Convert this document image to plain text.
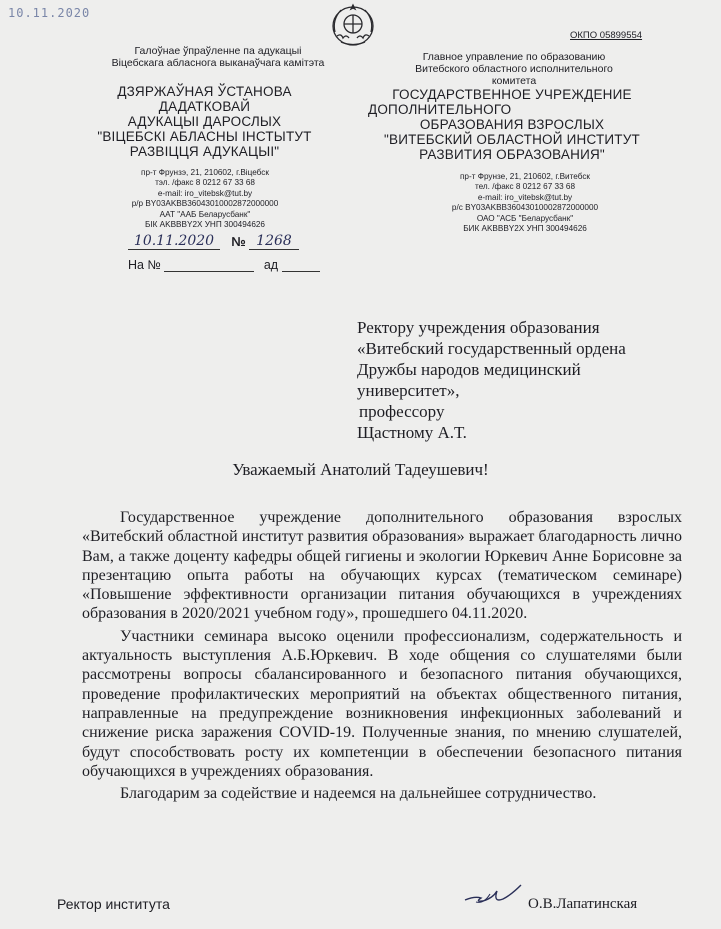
10.11.2020
ОКПО 05899554
Галоўнае ўпраўленне па адукацыі
Віцебскага абласнога выканаўчага камітэта
ДЗЯРЖАЎНАЯ ЎСТАНОВА
ДАДАТКОВАЙ
АДУКАЦЫІ ДАРОСЛЫХ
"ВІЦЕБСКІ АБЛАСНЫ ІНСТЫТУТ
РАЗВІЦЦЯ АДУКАЦЫІ"
пр-т Фрунзэ, 21, 210602, г.Віцебск
тэл. /факс 8 0212 67 33 68
e-mail: iro_vitebsk@tut.by
р/р BY03AKBB36043010002872000000
ААТ "ААБ Беларусбанк"
БІК AKBBBY2X УНП 300494626
Главное управление по образованию
Витебского областного исполнительного
комитета
ГОСУДАРСТВЕННОЕ УЧРЕЖДЕНИЕ
ДОПОЛНИТЕЛЬНОГО
ОБРАЗОВАНИЯ ВЗРОСЛЫХ
"ВИТЕБСКИЙ ОБЛАСТНОЙ ИНСТИТУТ
РАЗВИТИЯ ОБРАЗОВАНИЯ"
пр-т Фрунзе, 21, 210602, г.Витебск
тел. /факс 8 0212 67 33 68
e-mail: iro_vitebsk@tut.by
р/с BY03AKBB36043010002872000000
ОАО "АСБ "Беларусбанк"
БИК AKBBBY2X УНП 300494626
10.11.2020 № 1268
На №	ад
Ректору учреждения образования
«Витебский государственный ордена
Дружбы народов медицинский
университет»,
профессору
Щастному А.Т.
Уважаемый Анатолий Тадеушевич!

Государственное учреждение дополнительного образования взрослых «Витебский областной институт развития образования» выражает благодарность лично Вам, а также доценту кафедры общей гигиены и экологии Юркевич Анне Борисовне за презентацию опыта работы на обучающих курсах (тематическом семинаре) «Повышение эффективности организации питания обучающихся в учреждениях образования в 2020/2021 учебном году», прошедшего 04.11.2020.

Участники семинара высоко оценили профессионализм, содержательность и актуальность выступления А.Б.Юркевич. В ходе общения со слушателями были рассмотрены вопросы сбалансированного и безопасного питания обучающихся, проведение профилактических мероприятий на объектах общественного питания, направленные на предупреждение возникновения инфекционных заболеваний и снижение риска заражения COVID-19. Полученные знания, по мнению слушателей, будут способствовать росту их компетенции в обеспечении безопасного питания обучающихся в учреждениях образования.

Благодарим за содействие и надеемся на дальнейшее сотрудничество.

Ректор института	О.В.Лапатинская
